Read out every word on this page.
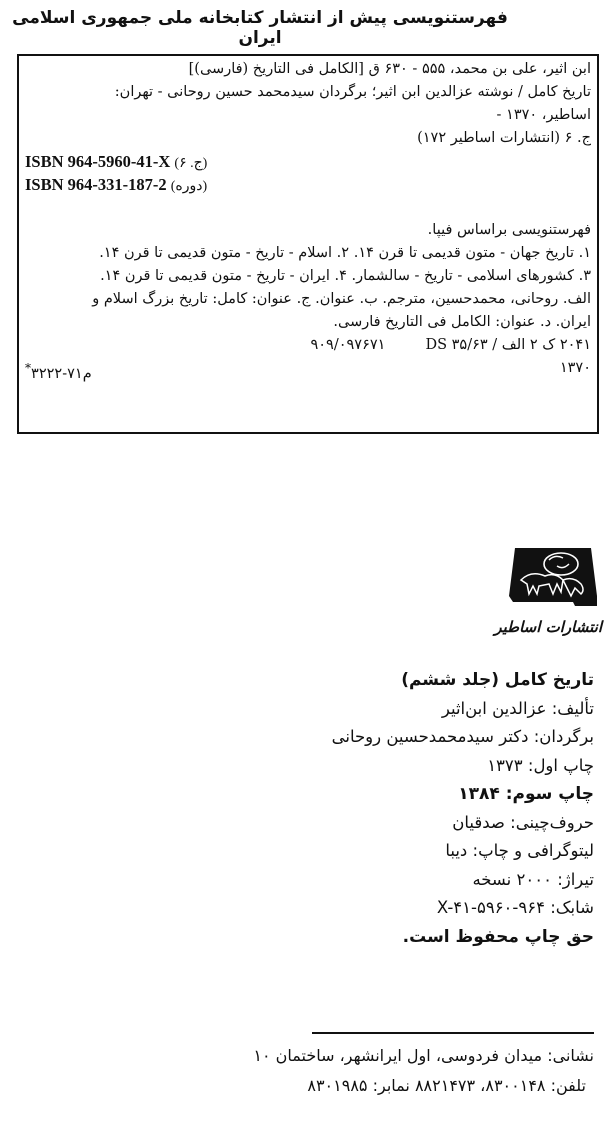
فهرستنویسی پیش از انتشار کتابخانه ملی جمهوری اسلامی ایران
ابن اثیر، علی بن محمد، ۵۵۵ - ۶۳۰ ق [الکامل فی التاریخ (فارسی)]
تاریخ کامل / نوشته عزالدین ابن اثیر؛ برگردان سیدمحمد حسین روحانی - تهران:
اساطیر، ۱۳۷۰ -
ج. ۶ (انتشارات اساطیر ۱۷۲)
ISBN 964-5960-41-X (ج. ۶)
ISBN 964-331-187-2 (دوره)
فهرستنویسی براساس فیپا.
۱. تاریخ جهان - متون قدیمی تا قرن ۱۴. ۲. اسلام - تاریخ - متون قدیمی تا قرن ۱۴.
۳. کشورهای اسلامی - تاریخ - سالشمار. ۴. ایران - تاریخ - متون قدیمی تا قرن ۱۴.
الف. روحانی، محمدحسین، مترجم. ب. عنوان. ج. عنوان: کامل: تاریخ بزرگ اسلام و
ایران. د. عنوان: الکامل فی التاریخ فارسی.
۲۰۴۱ ک ۲ الف / DS ۳۵/۶۳
۹۰۹/۰۹۷۶۷۱
۱۳۷۰
م۷۱-۳۲۲۲*
انتشارات اساطیر
تاریخ کامل (جلد ششم)
تألیف: عزالدین ابن‌اثیر
برگردان: دکتر سیدمحمدحسین روحانی
چاپ اول: ۱۳۷۳
چاپ سوم: ۱۳۸۴
حروف‌چینی: صدقیان
لیتوگرافی و چاپ: دیبا
تیراژ: ۲۰۰۰ نسخه
شابک: X-۴۱-۵۹۶۰-۹۶۴
حق چاپ محفوظ است.
نشانی: میدان فردوسی، اول ایرانشهر، ساختمان ۱۰
تلفن: ۸۳۰۰۱۴۸، ۸۸۲۱۴۷۳ نمابر: ۸۳۰۱۹۸۵
